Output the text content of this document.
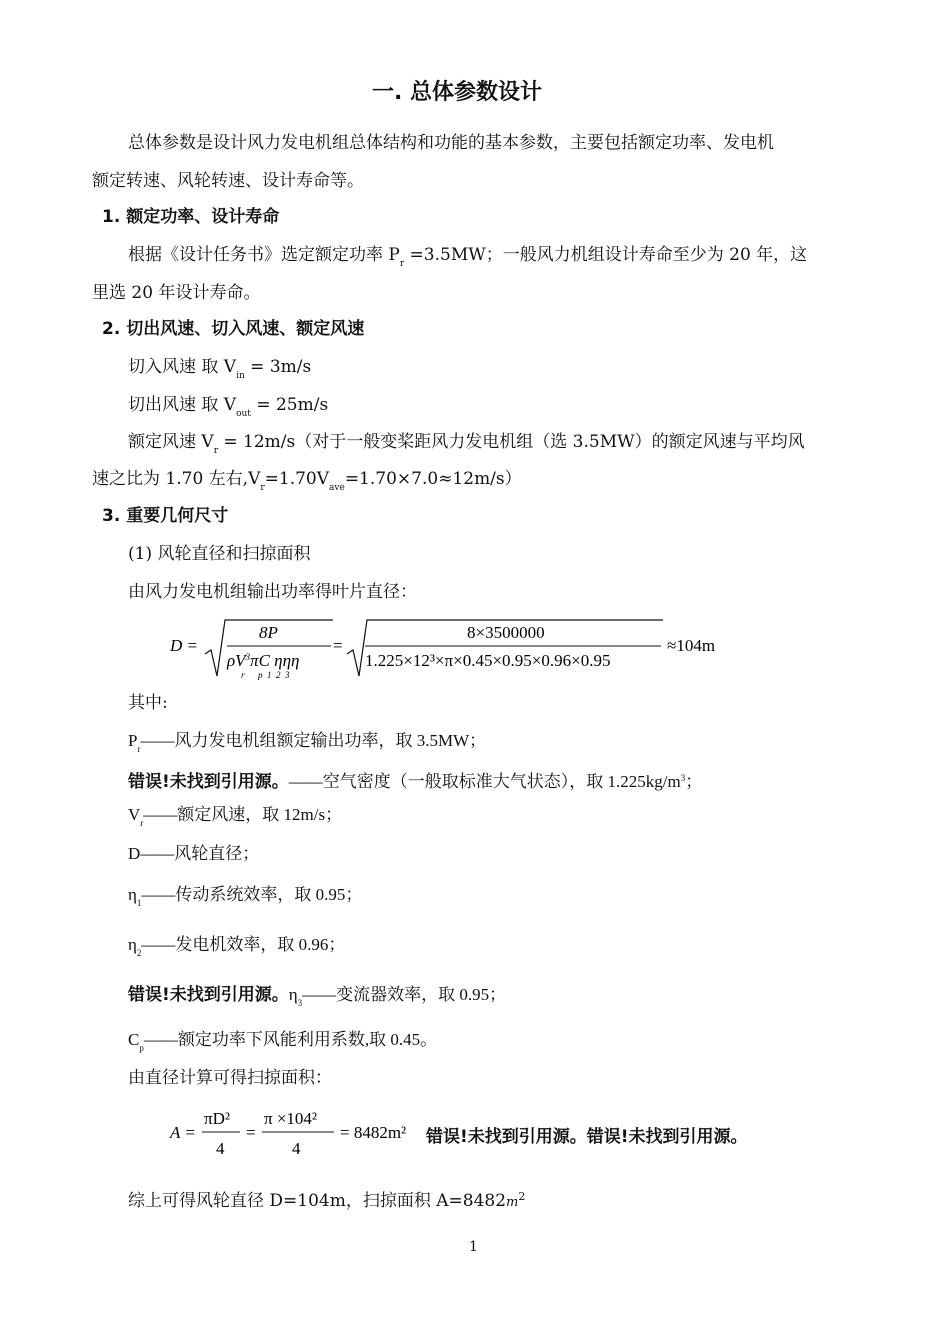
一. 总体参数设计
总体参数是设计风力发电机组总体结构和功能的基本参数，主要包括额定功率、发电机
额定转速、风轮转速、设计寿命等。
1. 额定功率、设计寿命
根据《设计任务书》选定额定功率 $P_r =3.5MW$；一般风力机组设计寿命至少为 20 年，这
里选 20 年设计寿命。
2. 切出风速、切入风速、额定风速
切入风速 取 $V_{in} = 3m/s$
切出风速 取 $V_{out} = 25m/s$
额定风速 $V_r = 12m/s$（对于一般变桨距风力发电机组（选 3.5MW）的额定风速与平均风
速之比为 1.70 左右$,V_r=1.70V_{ave}=1.70\times 7.0\approx 12m/s$）
3. 重要几何尺寸
(1) 风轮直径和扫掠面积
由风力发电机组输出功率得叶片直径：
D =
8P
$\rho V^3\pi C$ ηηη
r      p  1  2  3
=
8×3500000
1.225×12³×π×0.45×0.95×0.96×0.95
≈104m
其中:
$P_r——$风力发电机组额定输出功率，取 3.5MW；
错误!未找到引用源。——空气密度（一般取标准大气状态），取 $1.225kg/m^3$；
$V_r——$额定风速，取 12m/s；
D——风轮直径；
$\eta_1——$传动系统效率，取 0.95；
$\eta_2——$发电机效率，取 0.96；
错误!未找到引用源。$\eta_3——$变流器效率，取 0.95；
$C_p——$额定功率下风能利用系数,取 0.45。
由直径计算可得扫掠面积：
A =
πD²
4
=
π ×104²
4
= 8482m² 错误!未找到引用源。错误!未找到引用源。
综上可得风轮直径 D=104m，扫掠面积 $A=8482m^2$
1
